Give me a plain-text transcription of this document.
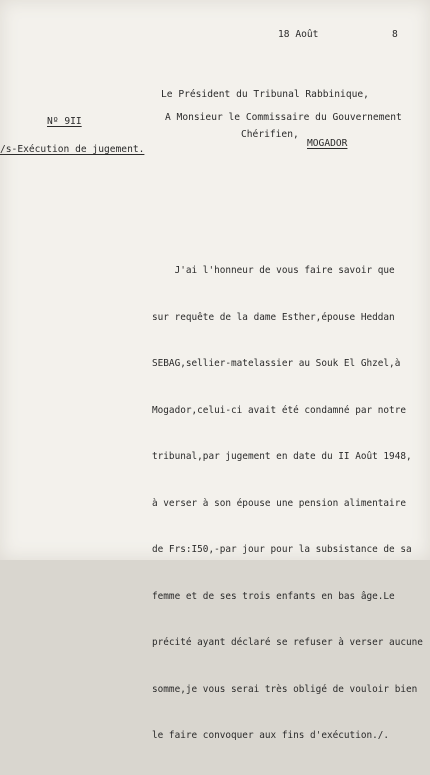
18 Août	8
Le Président du Tribunal Rabbinique,
A Monsieur le Commissaire du Gouvernement
Chérifien,
Nº 9II
/s-Exécution de jugement.
MOGADOR

J'ai l'honneur de vous faire savoir que

sur requête de la dame Esther,épouse Heddan

SEBAG,sellier-matelassier au Souk El Ghzel,à

Mogador,celui-ci avait été condamné par notre

tribunal,par jugement en date du II Août 1948,

à verser à son épouse une pension alimentaire

de Frs:I50,-par jour pour la subsistance de sa

femme et de ses trois enfants en bas âge.Le

précité ayant déclaré se refuser à verser aucune

somme,je vous serai très obligé de vouloir bien

le faire convoquer aux fins d'exécution./.
